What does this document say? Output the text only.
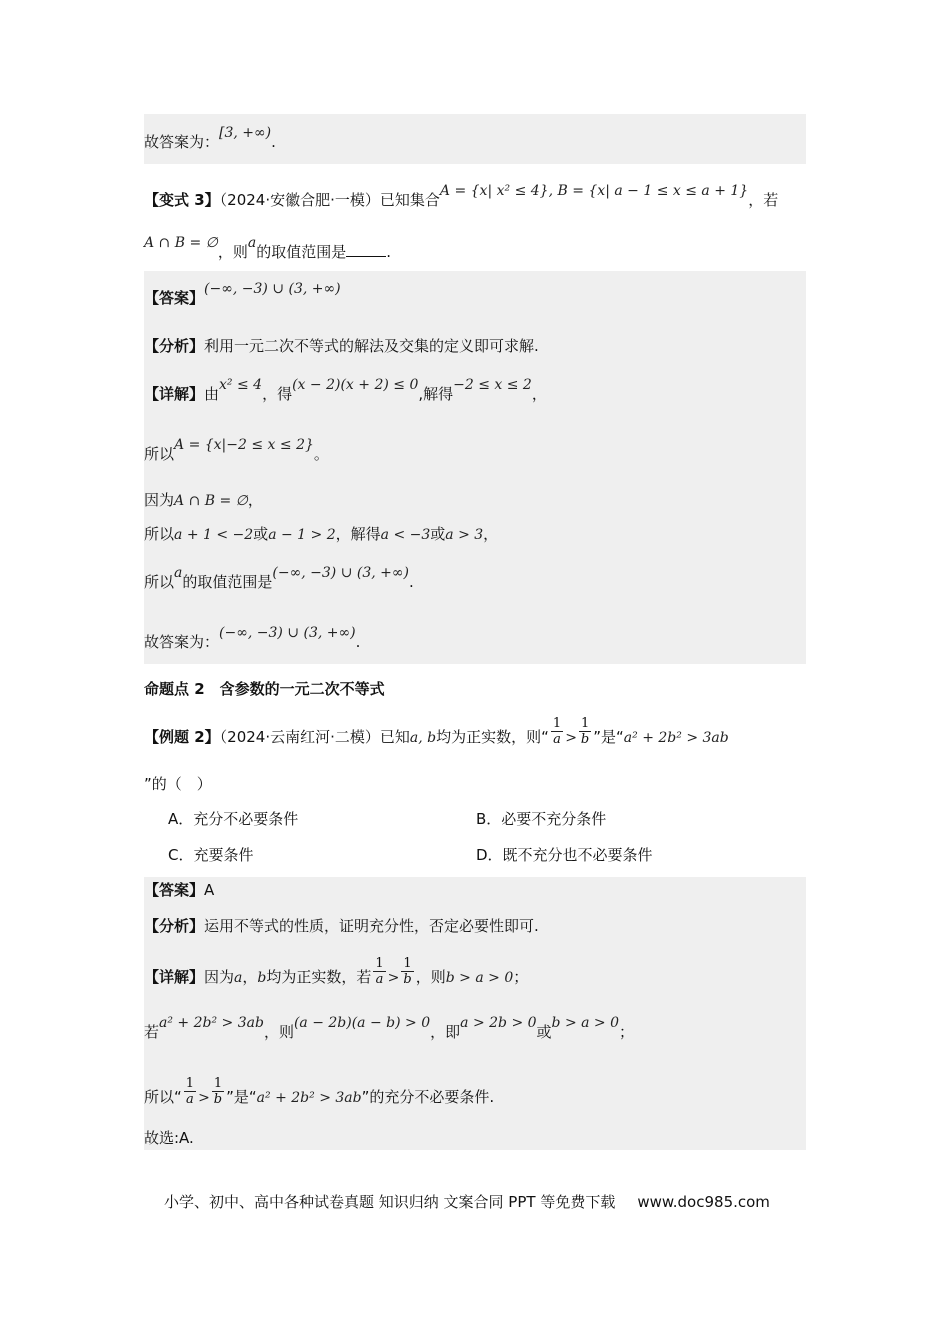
故答案为：[3, +∞).
【变式 3】（2024·安徽合肥·一模）已知集合A = {x| x² ≤ 4}, B = {x| a − 1 ≤ x ≤ a + 1}，若
A ∩ B = ∅，则a的取值范围是	.
【答案】(−∞, −3) ∪ (3, +∞)
【分析】利用一元二次不等式的解法及交集的定义即可求解.
【详解】由x² ≤ 4，得(x − 2)(x + 2) ≤ 0,解得−2 ≤ x ≤ 2，
所以A = {x|−2 ≤ x ≤ 2}。
因为A ∩ B = ∅，
所以a + 1 < −2或a − 1 > 2，解得a < −3或a > 3，
所以a的取值范围是(−∞, −3) ∪ (3, +∞).
故答案为：(−∞, −3) ∪ (3, +∞).
命题点 2　含参数的一元二次不等式
【例题 2】（2024·云南红河·二模）已知a, b均为正实数，则“ $\frac{1}{a} > \frac{1}{b}$ ”是“a² + 2b² > 3ab
”的（　）
A．充分不必要条件	B．必要不充分条件
C．充要条件	D．既不充分也不必要条件
【答案】A
【分析】运用不等式的性质，证明充分性，否定必要性即可.
【详解】因为a，b均为正实数，若 $\frac{1}{a} > \frac{1}{b}$ ，则b > a > 0；
若a² + 2b² > 3ab，则(a − 2b)(a − b) > 0，即a > 2b > 0或b > a > 0；
所以“ $\frac{1}{a} > \frac{1}{b}$ ”是“a² + 2b² > 3ab”的充分不必要条件.
故选:A.
小学、初中、高中各种试卷真题 知识归纳 文案合同 PPT 等免费下载 www.doc985.com
